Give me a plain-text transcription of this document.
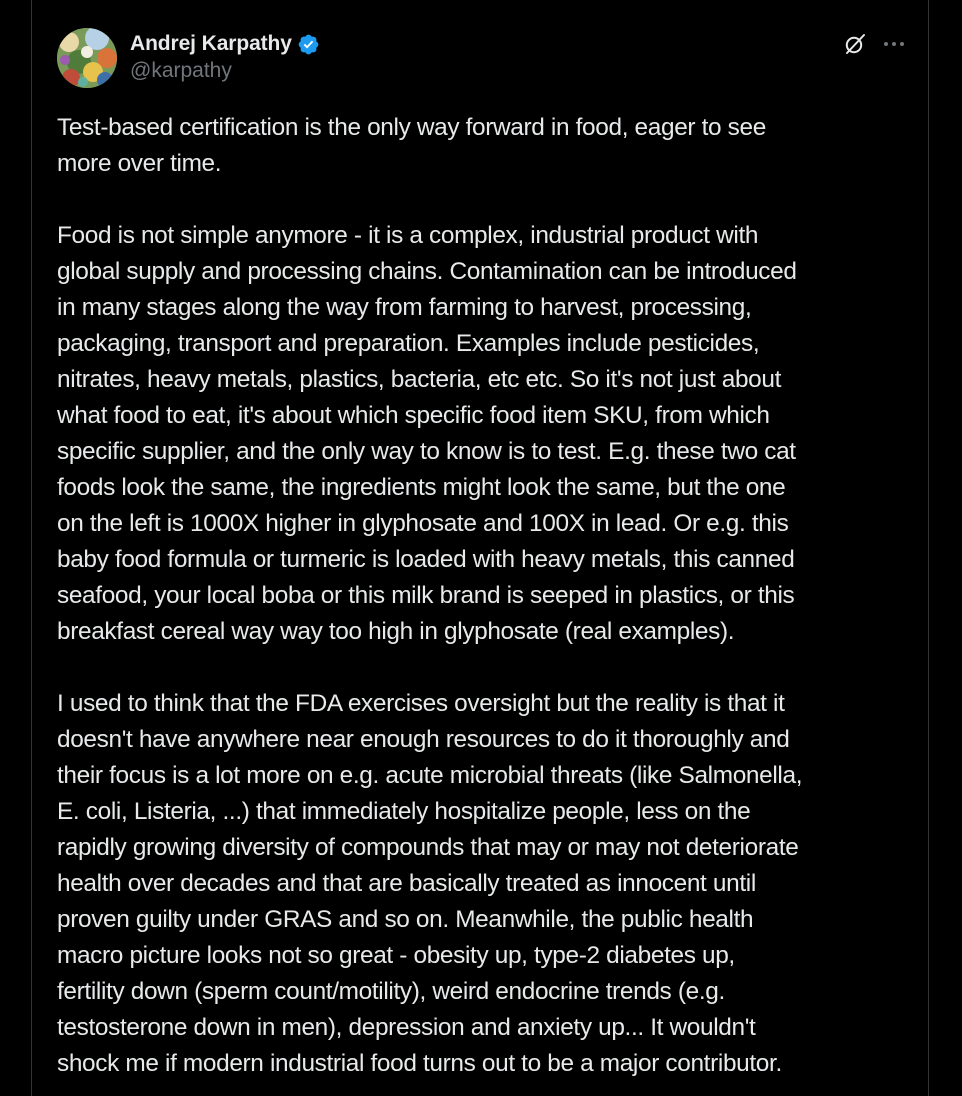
Andrej Karpathy
@karpathy

Test-based certification is the only way forward in food, eager to see

more over time.

Food is not simple anymore - it is a complex, industrial product with

global supply and processing chains. Contamination can be introduced

in many stages along the way from farming to harvest, processing,

packaging, transport and preparation. Examples include pesticides,

nitrates, heavy metals, plastics, bacteria, etc etc. So it's not just about

what food to eat, it's about which specific food item SKU, from which

specific supplier, and the only way to know is to test. E.g. these two cat

foods look the same, the ingredients might look the same, but the one

on the left is 1000X higher in glyphosate and 100X in lead. Or e.g. this

baby food formula or turmeric is loaded with heavy metals, this canned

seafood, your local boba or this milk brand is seeped in plastics, or this

breakfast cereal way way too high in glyphosate (real examples).

I used to think that the FDA exercises oversight but the reality is that it

doesn't have anywhere near enough resources to do it thoroughly and

their focus is a lot more on e.g. acute microbial threats (like Salmonella,

E. coli, Listeria, ...) that immediately hospitalize people, less on the

rapidly growing diversity of compounds that may or may not deteriorate

health over decades and that are basically treated as innocent until

proven guilty under GRAS and so on. Meanwhile, the public health

macro picture looks not so great - obesity up, type-2 diabetes up,

fertility down (sperm count/motility), weird endocrine trends (e.g.

testosterone down in men), depression and anxiety up... It wouldn't

shock me if modern industrial food turns out to be a major contributor.
